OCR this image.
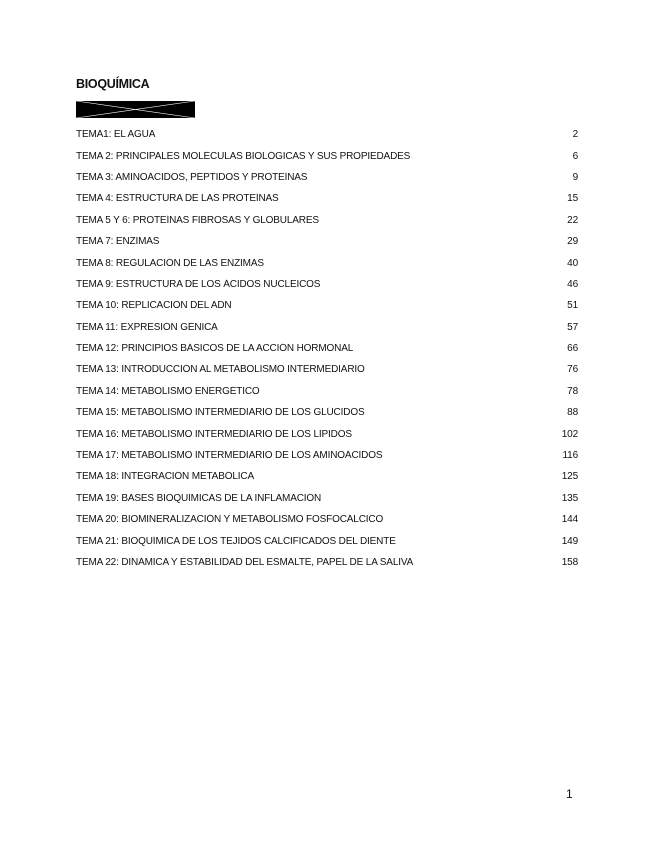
BIOQUÍMICA
TEMA1: EL AGUA	2
TEMA 2: PRINCIPALES MOLÉCULAS BIOLÓGICAS Y SUS PROPIEDADES	6
TEMA 3: AMINOÁCIDOS, PÉPTIDOS Y PROTEÍNAS	9
TEMA 4: ESTRUCTURA DE LAS PROTEÍNAS	15
TEMA 5 Y 6: PROTEÍNAS FIBROSAS Y GLOBULARES	22
TEMA 7: ENZIMAS	29
TEMA 8: REGULACIÓN DE LAS ENZIMAS	40
TEMA 9: ESTRUCTURA DE LOS ÁCIDOS NUCLEICOS	46
TEMA 10: REPLICACIÓN DEL ADN	51
TEMA 11: EXPRESIÓN GÉNICA	57
TEMA 12: PRINCIPIOS BÁSICOS DE LA ACCIÓN HORMONAL	66
TEMA 13: INTRODUCCIÓN AL METABOLISMO INTERMEDIARIO	76
TEMA 14: METABOLISMO ENERGÉTICO	78
TEMA 15: METABOLISMO INTERMEDIARIO DE LOS GLÚCIDOS	88
TEMA 16: METABOLISMO INTERMEDIARIO DE LOS LÍPIDOS	102
TEMA 17: METABOLISMO INTERMEDIARIO DE LOS AMINOÁCIDOS	116
TEMA 18: INTEGRACIÓN METABÓLICA	125
TEMA 19: BASES BIOQUÍMICAS DE LA INFLAMACIÓN	135
TEMA 20: BIOMINERALIZACIÓN Y METABOLISMO FOSFOCÁLCICO	144
TEMA 21: BIOQUÍMICA DE LOS TEJIDOS CALCIFICADOS DEL DIENTE	149
TEMA 22: DINÁMICA Y ESTABILIDAD DEL ESMALTE, PAPEL DE LA SALIVA	158
1
